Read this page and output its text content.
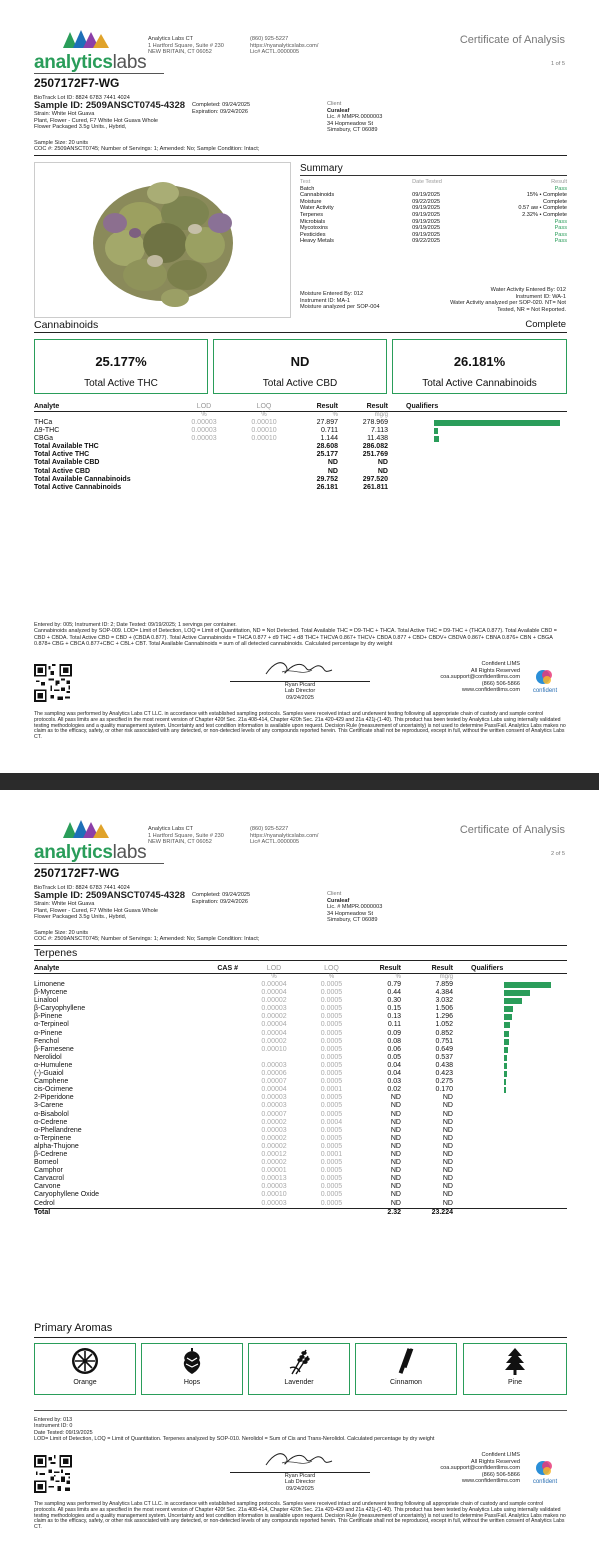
analyticslabs
Analytics Labs CT
1 Hartford Square, Suite # 230
NEW BRITAIN, CT 06052
(860) 925-5227
https://nyanalyticslabs.com/
Lic# ACTL.0000005
Certificate of Analysis
1 of 5
2507172F7-WG
BioTrack Lot ID: 8824 6783 7441 4024
Sample ID: 2509ANSCT0745-4328
Strain: White Hot Guava
Plant, Flower - Cured, F7 White Hot Guava Whole
Flower Packaged 3.5g Units., Hybrid,
Completed: 09/24/2025
Expiration: 09/24/2026
Client
Curaleaf
Lic. # MMPR.0000003
34 Hopmeadow St
Simsbury, CT 06089
Sample Size: 20 units
COC #: 2509ANSCT0745; Number of Servings: 1; Amended: No; Sample Condition: Intact;
Summary
Test	Date Tested	Result
Batch		Pass
Cannabinoids	09/19/2025	15% • Complete
Moisture	09/22/2025	Complete
Water Activity	09/19/2025	0.57 aw • Complete
Terpenes	09/19/2025	2.32% • Complete
Microbials	09/19/2025	Pass
Mycotoxins	09/19/2025	Pass
Pesticides	09/19/2025	Pass
Heavy Metals	09/22/2025	Pass
Moisture Entered By: 012
Instrument ID: MA-1
Moisture analyzed per SOP-004
Water Activity Entered By: 012
Instrument ID: WA-1
Water Activity analyzed per SOP-020. NT= Not
Tested, NR = Not Reported.
Cannabinoids	Complete
25.177%
Total Active THC
ND
Total Active CBD
26.181%
Total Active Cannabinoids
Analyte	LOD	LOQ	Result	Result	Qualifiers
	%	%	%	mg/g	
THCa	0.00003	0.00010	27.897	278.969	

Δ9-THC	0.00003	0.00010	0.711	7.113	

CBGa	0.00003	0.00010	1.144	11.438	

Total Available THC			28.608	286.082	
Total Active THC			25.177	251.769	
Total Available CBD			ND	ND	
Total Active CBD			ND	ND	
Total Available Cannabinoids			29.752	297.520	
Total Active Cannabinoids			26.181	261.811	
Entered by: 005; Instrument ID: 2; Date Tested: 09/19/2025; 1 servings per container.
Cannabinoids analyzed by SOP-009. LOD= Limit of Detection, LOQ = Limit of Quantitation, ND = Not Detected. Total Available THC = D9-THC + THCA. Total Active THC = D9-THC + (THCA 0.877). Total Available CBD = CBD + CBDA. Total Active CBD = CBD + (CBDA 0.877). Total Active Cannabinoids = THCA 0.877 + d9 THC + d8 THC+ THCVA 0.867+ THCV+ CBDA 0.877 + CBD+ CBDV+ CBDVA 0.867+ CBNA 0.876+ CBN + CBGA 0.878+ CBG + CBCA 0.877+CBC + CBL+ CBT. Total Available Cannabinoids = sum of all detected cannabinoids. Calculated percentage by dry weight
Ryan Picard
Lab Director
09/24/2025
Confident LIMS
All Rights Reserved
coa.support@confidentlims.com
(866) 506-5866
www.confidentlims.com	confident
The sampling was performed by Analytics Labs CT LLC. in accordance with established sampling protocols. Samples were received intact and underwent testing following all appropriate chain of custody and sample control protocols. All pass limits are as specified in the most recent version of Chapter 420f Sec. 21a 408-414, Chapter 420h Sec. 21a 420-429 and 21a 421j-(1-40). This product has been tested by Analytics Labs using internally validated testing methodologies and a quality management system. Uncertainty and test condition information is available upon request. Decision Rule (measurement of uncertainty) is not used to determine Pass/Fail. Analytics Labs makes no claim as to the efficacy, safety, or other risk associated with any detected, or non-detected levels of any compounds reported herein. This Certificate shall not be reproduced, except in full, without the written consent of Analytics Labs CT.
analyticslabs
Analytics Labs CT
1 Hartford Square, Suite # 230
NEW BRITAIN, CT 06052
(860) 925-5227
https://nyanalyticslabs.com/
Lic# ACTL.0000005
Certificate of Analysis
2 of 5
2507172F7-WG
BioTrack Lot ID: 8824 6783 7441 4024
Sample ID: 2509ANSCT0745-4328
Strain: White Hot Guava
Plant, Flower - Cured, F7 White Hot Guava Whole
Flower Packaged 3.5g Units., Hybrid,
Completed: 09/24/2025
Expiration: 09/24/2026
Client
Curaleaf
Lic. # MMPR.0000003
34 Hopmeadow St
Simsbury, CT 06089
Sample Size: 20 units
COC #: 2509ANSCT0745; Number of Servings: 1; Amended: No; Sample Condition: Intact;
Terpenes
Analyte	CAS #	LOD	LOQ	Result	Result	Qualifiers
		%	%	%	mg/g	
Limonene		0.00004	0.0005	0.79	7.859	

β-Myrcene		0.00004	0.0005	0.44	4.384	

Linalool		0.00002	0.0005	0.30	3.032	

β-Caryophyllene		0.00003	0.0005	0.15	1.506	

β-Pinene		0.00002	0.0005	0.13	1.296	

α-Terpineol		0.00004	0.0005	0.11	1.052	

α-Pinene		0.00004	0.0005	0.09	0.852	

Fenchol		0.00002	0.0005	0.08	0.751	

β-Farnesene		0.00010	0.0005	0.06	0.649	

Nerolidol			0.0005	0.05	0.537	

α-Humulene		0.00003	0.0005	0.04	0.438	

(-)-Guaiol		0.00006	0.0005	0.04	0.423	

Camphene		0.00007	0.0005	0.03	0.275	

cis-Ocimene		0.00004	0.0001	0.02	0.170	

2-Piperidone		0.00003	0.0005	ND	ND	
3-Carene		0.00003	0.0005	ND	ND	
α-Bisabolol		0.00007	0.0005	ND	ND	
α-Cedrene		0.00002	0.0004	ND	ND	
α-Phellandrene		0.00003	0.0005	ND	ND	
α-Terpinene		0.00002	0.0005	ND	ND	
alpha-Thujone		0.00002	0.0005	ND	ND	
β-Cedrene		0.00012	0.0001	ND	ND	
Borneol		0.00002	0.0005	ND	ND	
Camphor		0.00001	0.0005	ND	ND	
Carvacrol		0.00013	0.0005	ND	ND	
Carvone		0.00003	0.0005	ND	ND	
Caryophyllene Oxide		0.00010	0.0005	ND	ND	
Cedrol		0.00003	0.0005	ND	ND	
Total				2.32	23.224	
Primary Aromas
Orange	Hops	Lavender	Cinnamon	Pine
Entered by: 013
Instrument ID: 0
Date Tested: 09/19/2025
LOD= Limit of Detection, LOQ = Limit of Quantitation. Terpenes analyzed by SOP-010. Nerolidol = Sum of Cis and Trans-Nerolidol. Calculated percentage by dry weight
Ryan Picard
Lab Director
09/24/2025
Confident LIMS
All Rights Reserved
coa.support@confidentlims.com
(866) 506-5866
www.confidentlims.com	confident
The sampling was performed by Analytics Labs CT LLC. in accordance with established sampling protocols. Samples were received intact and underwent testing following all appropriate chain of custody and sample control protocols. All pass limits are as specified in the most recent version of Chapter 420f Sec. 21a 408-414, Chapter 420h Sec. 21a 420-429 and 21a 421j-(1-40). This product has been tested by Analytics Labs using internally validated testing methodologies and a quality management system. Uncertainty and test condition information is available upon request. Decision Rule (measurement of uncertainty) is not used to determine Pass/Fail. Analytics Labs makes no claim as to the efficacy, safety, or other risk associated with any detected, or non-detected levels of any compounds reported herein. This Certificate shall not be reproduced, except in full, without the written consent of Analytics Labs CT.
